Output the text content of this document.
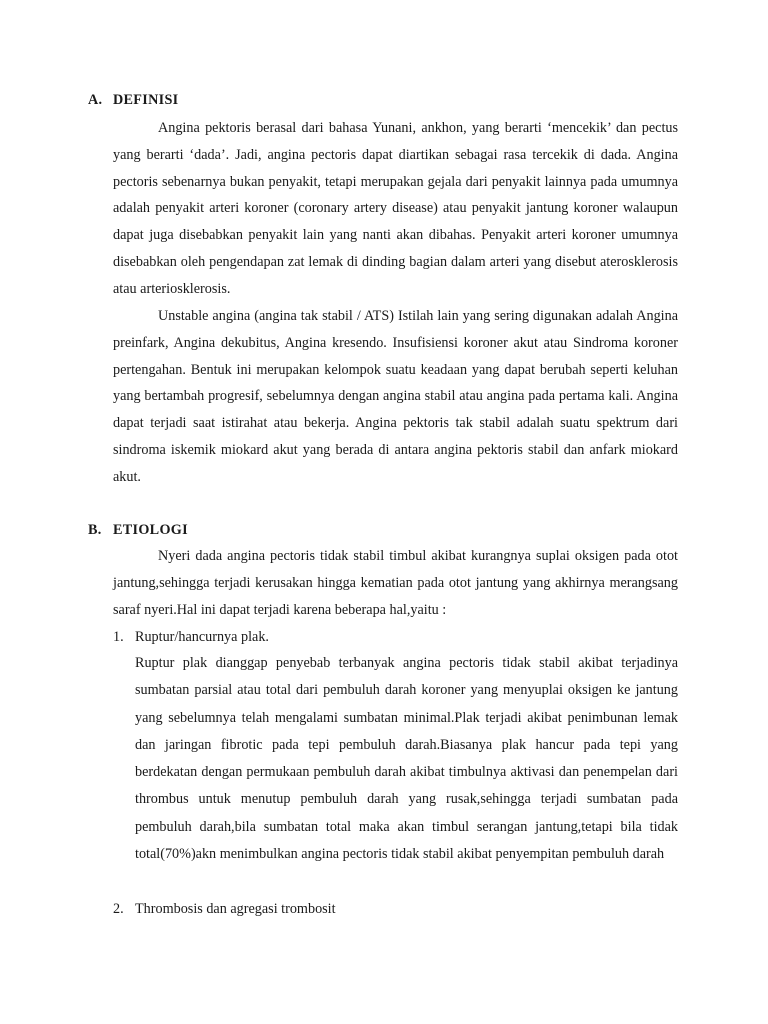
A. DEFINISI

Angina pektoris berasal dari bahasa Yunani, ankhon, yang berarti ‘mencekik’ dan pectus yang berarti ‘dada’. Jadi, angina pectoris dapat diartikan sebagai rasa tercekik di dada. Angina pectoris sebenarnya bukan penyakit, tetapi merupakan gejala dari penyakit lainnya pada umumnya adalah penyakit arteri koroner (coronary artery disease) atau penyakit jantung koroner walaupun dapat juga disebabkan penyakit lain yang nanti akan dibahas. Penyakit arteri koroner umumnya disebabkan oleh pengendapan zat lemak di dinding bagian dalam arteri yang disebut aterosklerosis atau arteriosklerosis.

Unstable angina (angina tak stabil / ATS) Istilah lain yang sering digunakan adalah Angina preinfark, Angina dekubitus, Angina kresendo. Insufisiensi koroner akut atau Sindroma koroner pertengahan. Bentuk ini merupakan kelompok suatu keadaan yang dapat berubah seperti keluhan yang bertambah progresif, sebelumnya dengan angina stabil atau angina pada pertama kali. Angina dapat terjadi saat istirahat atau bekerja. Angina pektoris tak stabil adalah suatu spektrum dari sindroma iskemik miokard akut yang berada di antara angina pektoris stabil dan anfark miokard akut.

B. ETIOLOGI

Nyeri dada angina pectoris tidak stabil timbul akibat kurangnya suplai oksigen pada otot jantung,sehingga terjadi kerusakan hingga kematian pada otot jantung yang akhirnya merangsang saraf nyeri.Hal ini dapat terjadi karena beberapa hal,yaitu :

1. Ruptur/hancurnya plak.

Ruptur plak dianggap penyebab terbanyak angina pectoris tidak stabil akibat terjadinya sumbatan parsial atau total dari pembuluh darah koroner yang menyuplai oksigen ke jantung yang sebelumnya telah mengalami sumbatan minimal.Plak terjadi akibat penimbunan lemak dan jaringan fibrotic pada tepi pembuluh darah.Biasanya plak hancur pada tepi yang berdekatan dengan permukaan pembuluh darah akibat timbulnya aktivasi dan penempelan dari thrombus untuk menutup pembuluh darah yang rusak,sehingga terjadi sumbatan pada pembuluh darah,bila sumbatan total maka akan timbul serangan jantung,tetapi bila tidak total(70%)akn menimbulkan angina pectoris tidak stabil akibat penyempitan pembuluh darah

2. Thrombosis dan agregasi trombosit
